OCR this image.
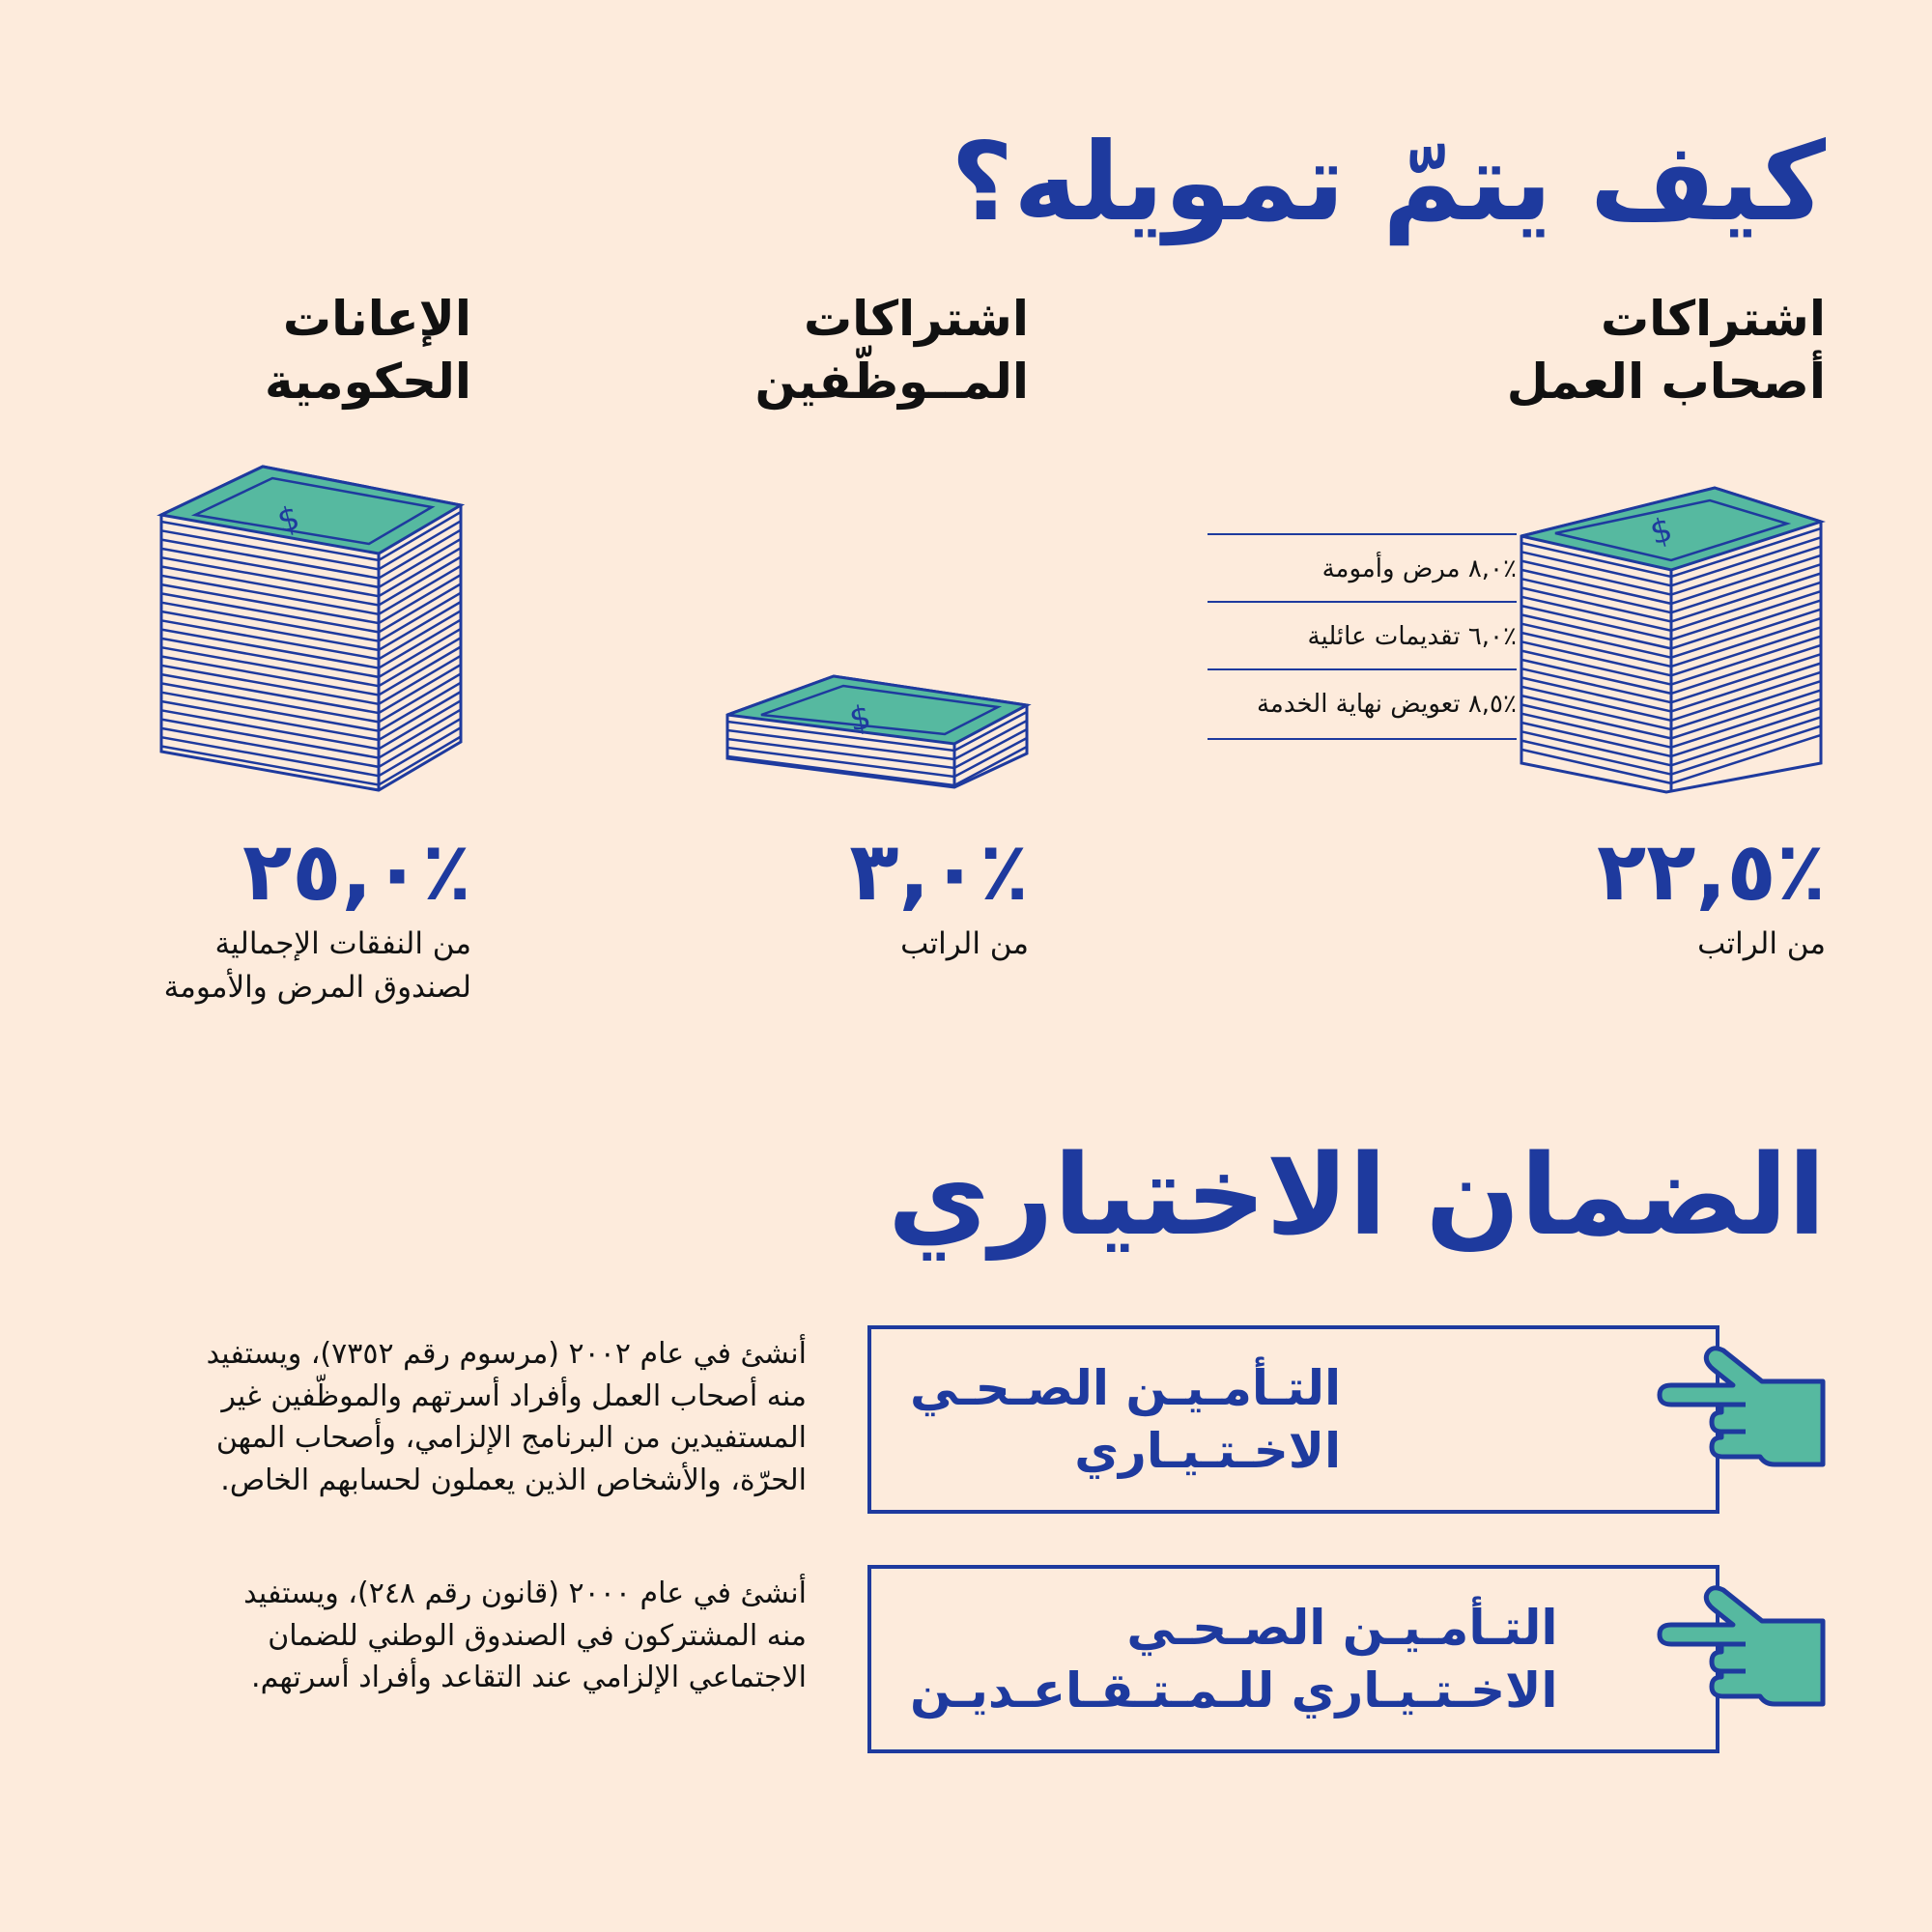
كيف يتمّ تمويله؟
اشتراكات
أصحاب العمل
اشتراكات
المــوظّفين
الإعانات
الحكومية
$
$
$
٪٨,٠ مرض وأمومة
٪٦,٠ تقديمات عائلية
٪٨,٥ تعويض نهاية الخدمة
٪٢٢,٥
٪٣,٠
٪٢٥,٠
من الراتب
من الراتب
من النفقات الإجمالية
لصندوق المرض والأمومة
الضمان الاختياري
التـأمـيـن الصـحـي
الاخـتـيـاري
أنشئ في عام ٢٠٠٢ (مرسوم رقم ٧٣٥٢)، ويستفيد
منه أصحاب العمل وأفراد أسرتهم والموظّفين غير
المستفيدين من البرنامج الإلزامي، وأصحاب المهن
الحرّة، والأشخاص الذين يعملون لحسابهم الخاص.
التـأمـيـن الصـحـي
الاخـتـيـاري للـمـتـقـاعـديـن
أنشئ في عام ٢٠٠٠ (قانون رقم ٢٤٨)، ويستفيد
منه المشتركون في الصندوق الوطني للضمان
الاجتماعي الإلزامي عند التقاعد وأفراد أسرتهم.
